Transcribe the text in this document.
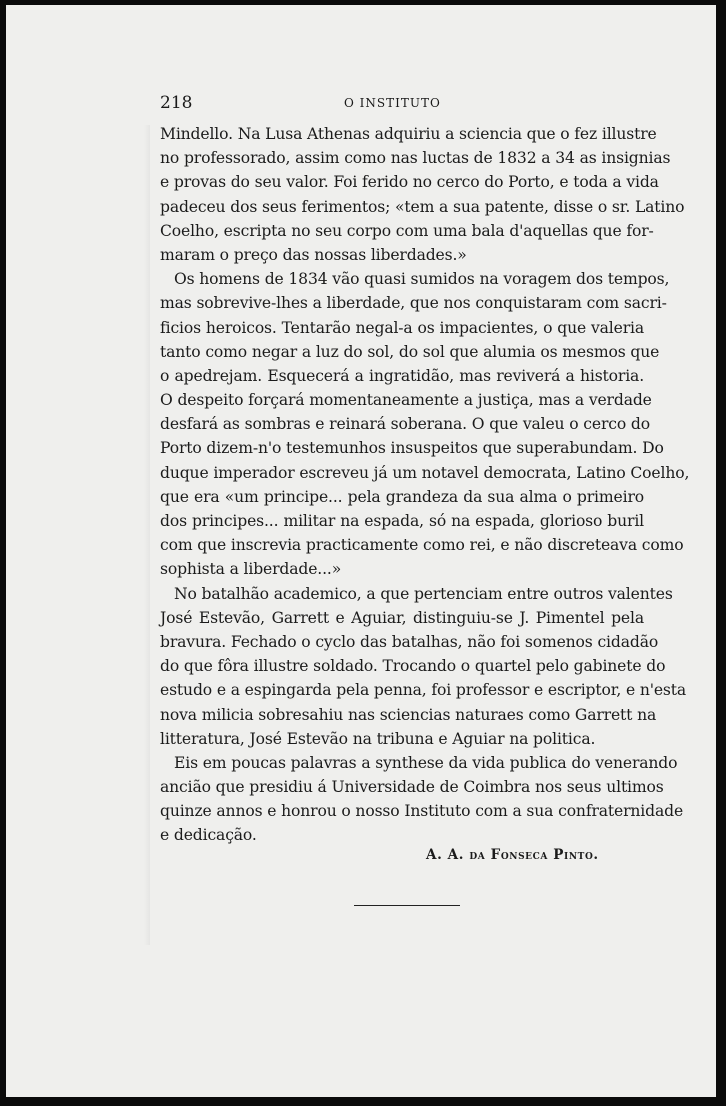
218	O INSTITUTO
Mindello. Na Lusa Athenas adquiriu a sciencia que o fez illustre
no professorado, assim como nas luctas de 1832 a 34 as insignias
e provas do seu valor. Foi ferido no cerco do Porto, e toda a vida
padeceu dos seus ferimentos; «tem a sua patente, disse o sr. Latino
Coelho, escripta no seu corpo com uma bala d'aquellas que for-
maram o preço das nossas liberdades.»
Os homens de 1834 vão quasi sumidos na voragem dos tempos,
mas sobrevive-lhes a liberdade, que nos conquistaram com sacri-
ficios heroicos. Tentarão negal-a os impacientes, o que valeria
tanto como negar a luz do sol, do sol que alumia os mesmos que
o apedrejam. Esquecerá a ingratidão, mas reviverá a historia.
O despeito forçará momentaneamente a justiça, mas a verdade
desfará as sombras e reinará soberana. O que valeu o cerco do
Porto dizem-n'o testemunhos insuspeitos que superabundam. Do
duque imperador escreveu já um notavel democrata, Latino Coelho,
que era «um principe... pela grandeza da sua alma o primeiro
dos principes... militar na espada, só na espada, glorioso buril
com que inscrevia practicamente como rei, e não discreteava como
sophista a liberdade...»
No batalhão academico, a que pertenciam entre outros valentes
José Estevão, Garrett e Aguiar, distinguiu-se J. Pimentel pela
bravura. Fechado o cyclo das batalhas, não foi somenos cidadão
do que fôra illustre soldado. Trocando o quartel pelo gabinete do
estudo e a espingarda pela penna, foi professor e escriptor, e n'esta
nova milicia sobresahiu nas sciencias naturaes como Garrett na
litteratura, José Estevão na tribuna e Aguiar na politica.
Eis em poucas palavras a synthese da vida publica do venerando
ancião que presidiu á Universidade de Coimbra nos seus ultimos
quinze annos e honrou o nosso Instituto com a sua confraternidade
e dedicação.
A. A. da Fonseca Pinto.
